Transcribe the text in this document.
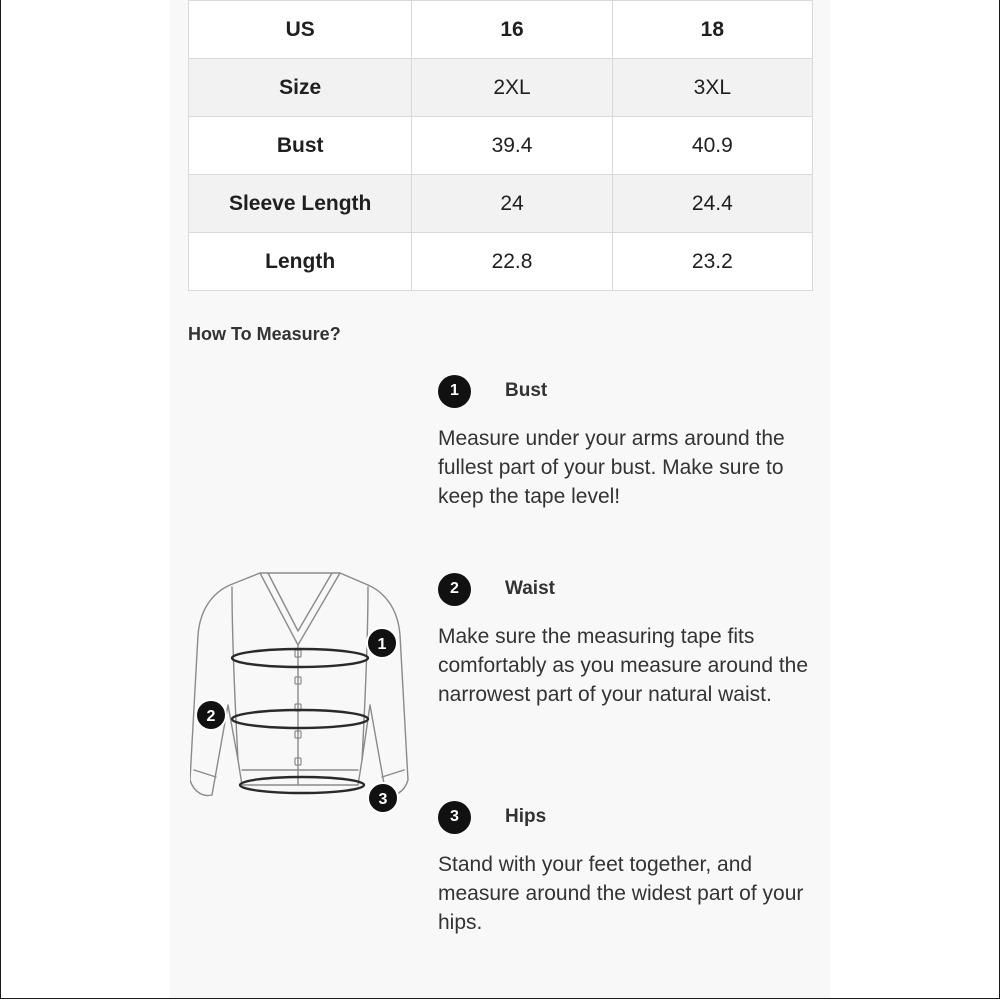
US	16	18
Size	2XL	3XL
Bust	39.4	40.9
Sleeve Length	24	24.4
Length	22.8	23.2
How To Measure?
1	Bust
Measure under your arms around the fullest part of your bust. Make sure to keep the tape level!
2	Waist
Make sure the measuring tape fits comfortably as you measure around the narrowest part of your natural waist.
3	Hips
Stand with your feet together, and measure around the widest part of your hips.
1
2
3
